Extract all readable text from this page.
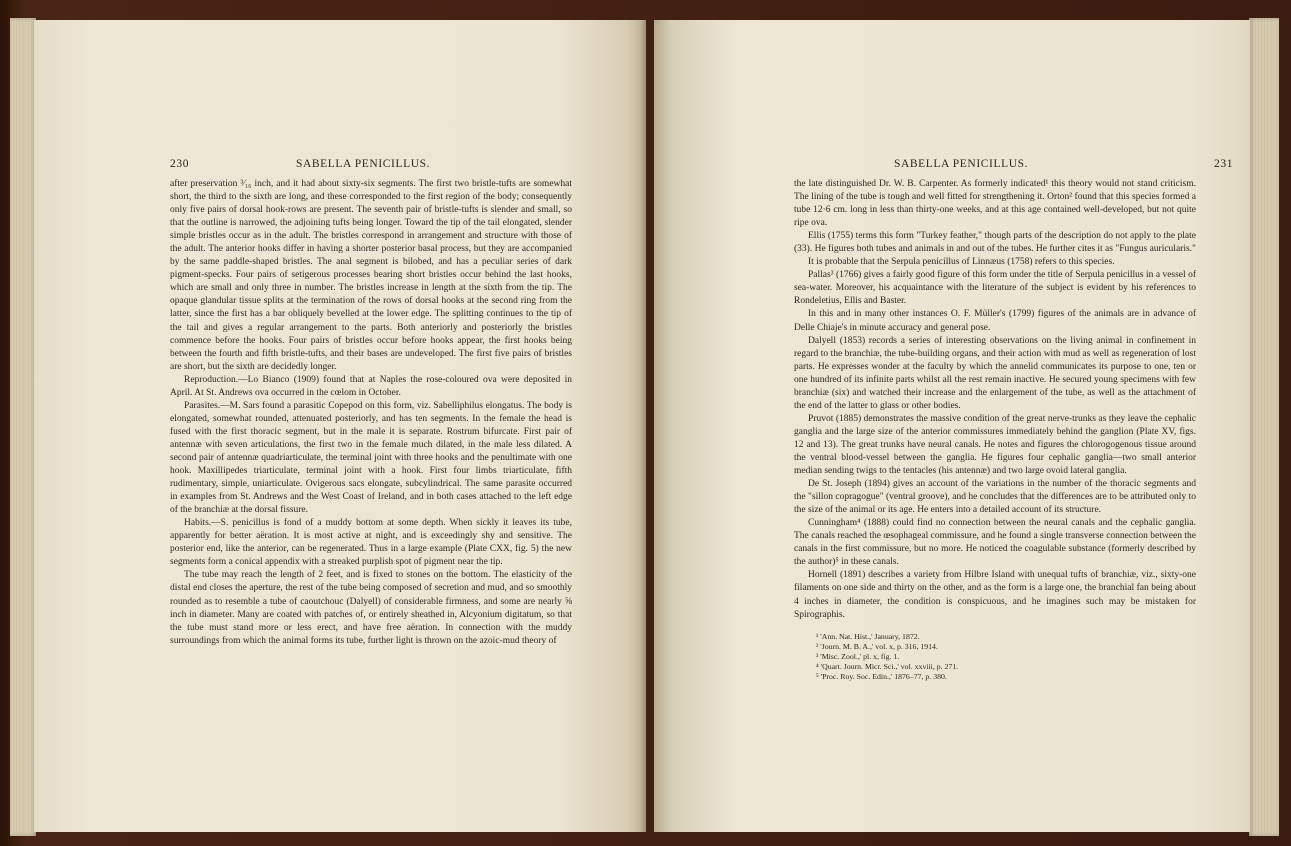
230	SABELLA PENICILLUS.

after preservation ³⁄₁₆ inch, and it had about sixty-six segments. The first two bristle-tufts are somewhat short, the third to the sixth are long, and these corresponded to the first region of the body; consequently only five pairs of dorsal hook-rows are present. The seventh pair of bristle-tufts is slender and small, so that the outline is narrowed, the adjoining tufts being longer. Toward the tip of the tail elongated, slender simple bristles occur as in the adult. The bristles correspond in arrangement and structure with those of the adult. The anterior hooks differ in having a shorter posterior basal process, but they are accompanied by the same paddle-shaped bristles. The anal segment is bilobed, and has a peculiar series of dark pigment-specks. Four pairs of setigerous processes bearing short bristles occur behind the last hooks, which are small and only three in number. The bristles increase in length at the sixth from the tip. The opaque glandular tissue splits at the termination of the rows of dorsal hooks at the second ring from the latter, since the first has a bar obliquely bevelled at the lower edge. The splitting continues to the tip of the tail and gives a regular arrangement to the parts. Both anteriorly and posteriorly the bristles commence before the hooks. Four pairs of bristles occur before hooks appear, the first hooks being between the fourth and fifth bristle-tufts, and their bases are undeveloped. The first five pairs of bristles are short, but the sixth are decidedly longer.

Reproduction.—Lo Bianco (1909) found that at Naples the rose-coloured ova were deposited in April. At St. Andrews ova occurred in the cœlom in October.

Parasites.—M. Sars found a parasitic Copepod on this form, viz. Sabelliphilus elongatus. The body is elongated, somewhat rounded, attenuated posteriorly, and has ten segments. In the female the head is fused with the first thoracic segment, but in the male it is separate. Rostrum bifurcate. First pair of antennæ with seven articulations, the first two in the female much dilated, in the male less dilated. A second pair of antennæ quadriarticulate, the terminal joint with three hooks and the penultimate with one hook. Maxillipedes triarticulate, terminal joint with a hook. First four limbs triarticulate, fifth rudimentary, simple, uniarticulate. Ovigerous sacs elongate, subcylindrical. The same parasite occurred in examples from St. Andrews and the West Coast of Ireland, and in both cases attached to the left edge of the branchiæ at the dorsal fissure.

Habits.—S. penicillus is fond of a muddy bottom at some depth. When sickly it leaves its tube, apparently for better aëration. It is most active at night, and is exceedingly shy and sensitive. The posterior end, like the anterior, can be regenerated. Thus in a large example (Plate CXX, fig. 5) the new segments form a conical appendix with a streaked purplish spot of pigment near the tip.

The tube may reach the length of 2 feet, and is fixed to stones on the bottom. The elasticity of the distal end closes the aperture, the rest of the tube being composed of secretion and mud, and so smoothly rounded as to resemble a tube of caoutchouc (Dalyell) of considerable firmness, and some are nearly ⅝ inch in diameter. Many are coated with patches of, or entirely sheathed in, Alcyonium digitatum, so that the tube must stand more or less erect, and have free aëration. In connection with the muddy surroundings from which the animal forms its tube, further light is thrown on the azoic-mud theory of

SABELLA PENICILLUS.	231

the late distinguished Dr. W. B. Carpenter. As formerly indicated¹ this theory would not stand criticism. The lining of the tube is tough and well fitted for strengthening it. Orton² found that this species formed a tube 12·6 cm. long in less than thirty-one weeks, and at this age contained well-developed, but not quite ripe ova.

Ellis (1755) terms this form "Turkey feather," though parts of the description do not apply to the plate (33). He figures both tubes and animals in and out of the tubes. He further cites it as "Fungus auricularis."

It is probable that the Serpula penicillus of Linnæus (1758) refers to this species.

Pallas³ (1766) gives a fairly good figure of this form under the title of Serpula penicillus in a vessel of sea-water. Moreover, his acquaintance with the literature of the subject is evident by his references to Rondeletius, Ellis and Baster.

In this and in many other instances O. F. Müller's (1799) figures of the animals are in advance of Delle Chiaje's in minute accuracy and general pose.

Dalyell (1853) records a series of interesting observations on the living animal in confinement in regard to the branchiæ, the tube-building organs, and their action with mud as well as regeneration of lost parts. He expresses wonder at the faculty by which the annelid communicates its purpose to one, ten or one hundred of its infinite parts whilst all the rest remain inactive. He secured young specimens with few branchiæ (six) and watched their increase and the enlargement of the tube, as well as the attachment of the end of the latter to glass or other bodies.

Pruvot (1885) demonstrates the massive condition of the great nerve-trunks as they leave the cephalic ganglia and the large size of the anterior commissures immediately behind the ganglion (Plate XV, figs. 12 and 13). The great trunks have neural canals. He notes and figures the chlorogogenous tissue around the ventral blood-vessel between the ganglia. He figures four cephalic ganglia—two small anterior median sending twigs to the tentacles (his antennæ) and two large ovoid lateral ganglia.

De St. Joseph (1894) gives an account of the variations in the number of the thoracic segments and the "sillon copragogue" (ventral groove), and he concludes that the differences are to be attributed only to the size of the animal or its age. He enters into a detailed account of its structure.

Cunningham⁴ (1888) could find no connection between the neural canals and the cephalic ganglia. The canals reached the œsophageal commissure, and he found a single transverse connection between the canals in the first commissure, but no more. He noticed the coagulable substance (formerly described by the author)⁵ in these canals.

Hornell (1891) describes a variety from Hilbre Island with unequal tufts of branchiæ, viz., sixty-one filaments on one side and thirty on the other, and as the form is a large one, the branchial fan being about 4 inches in diameter, the condition is conspicuous, and he imagines such may be mistaken for Spirographis.

¹ 'Ann. Nat. Hist.,' January, 1872.
² 'Journ. M. B. A.,' vol. x, p. 316, 1914.
³ 'Misc. Zool.,' pl. x, fig. 1.
⁴ 'Quart. Journ. Micr. Sci.,' vol. xxviii, p. 271.
⁵ 'Proc. Roy. Soc. Edin.,' 1876–77, p. 380.
